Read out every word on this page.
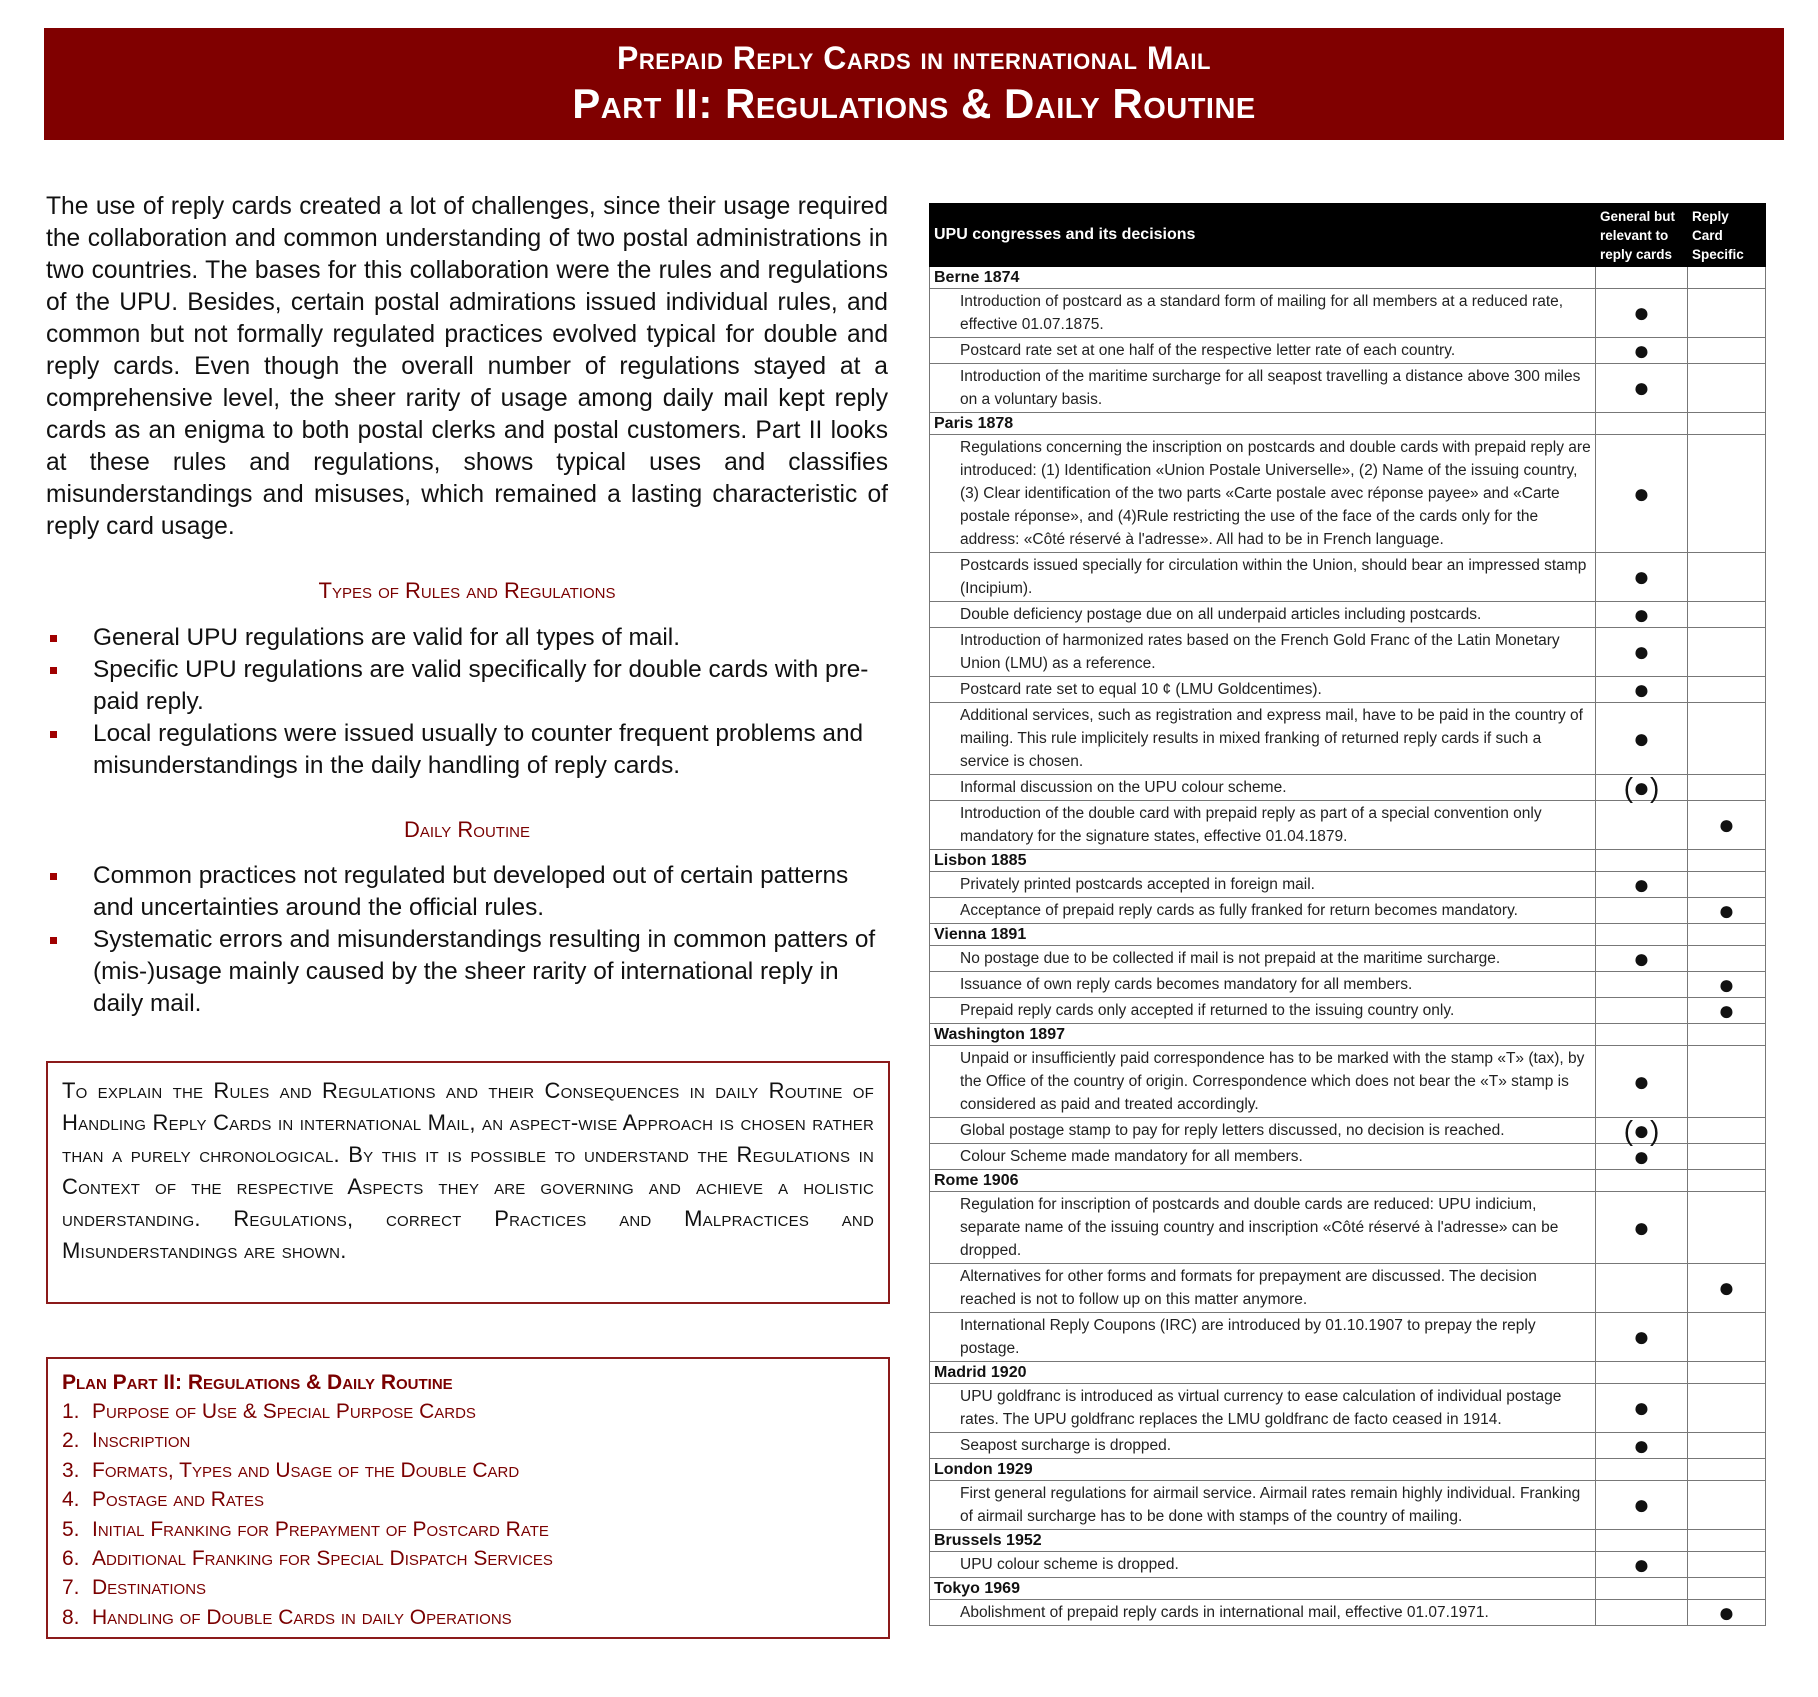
Prepaid Reply Cards in international Mail
Part II: Regulations & Daily Routine
The use of reply cards created a lot of challenges, since their usage required the collaboration and common understanding of two postal administrations in two countries. The bases for this collaboration were the rules and regulations of the UPU. Besides, certain postal admirations issued individual rules, and common but not formally regulated practices evolved typical for double and reply cards. Even though the overall number of regulations stayed at a comprehensive level, the sheer rarity of usage among daily mail kept reply cards as an enigma to both postal clerks and postal customers. Part II looks at these rules and regulations, shows typical uses and classifies misunderstandings and misuses, which remained a lasting characteristic of reply card usage.
Types of Rules and Regulations
General UPU regulations are valid for all types of mail.
Specific UPU regulations are valid specifically for double cards with pre-paid reply.
Local regulations were issued usually to counter frequent problems and misunderstandings in the daily handling of reply cards.
Daily Routine
Common practices not regulated but developed out of certain patterns and uncertainties around the official rules.
Systematic errors and misunderstandings resulting in common patters of (mis-)usage mainly caused by the sheer rarity of international reply in daily mail.

To explain the Rules and Regulations and their Consequences in daily Routine of Handling Reply Cards in international Mail, an aspect-wise Approach is chosen rather than a purely chronological. By this it is possible to understand the Regulations in Context of the respective Aspects they are governing and achieve a holistic understanding. Regulations, correct Practices and Malpractices and Misunderstandings are shown.

Plan Part II: Regulations & Daily Routine
1. Purpose of Use & Special Purpose Cards
2. Inscription
3. Formats, Types and Usage of the Double Card
4. Postage and Rates
5. Initial Franking for Prepayment of Postcard Rate
6. Additional Franking for Special Dispatch Services
7. Destinations
8. Handling of Double Cards in daily Operations
UPU congresses and its decisions	General but relevant to reply cards	Reply Card Specific
Berne 1874		
Introduction of postcard as a standard form of mailing for all members at a reduced rate, effective 01.07.1875.	●	
Postcard rate set at one half of the respective letter rate of each country.	●	
Introduction of the maritime surcharge for all seapost travelling a distance above 300 miles on a voluntary basis.	●	
Paris 1878		
Regulations concerning the inscription on postcards and double cards with prepaid reply are introduced: (1) Identification «Union Postale Universelle», (2) Name of the issuing country, (3) Clear identification of the two parts «Carte postale avec réponse payee» and «Carte postale réponse», and (4)Rule restricting the use of the face of the cards only for the address: «Côté réservé à l'adresse». All had to be in French language.	●	
Postcards issued specially for circulation within the Union, should bear an impressed stamp (Incipium).	●	
Double deficiency postage due on all underpaid articles including postcards.	●	
Introduction of harmonized rates based on the French Gold Franc of the Latin Monetary Union (LMU) as a reference.	●	
Postcard rate set to equal 10 ¢ (LMU Goldcentimes).	●	
Additional services, such as registration and express mail, have to be paid in the country of mailing. This rule implicitely results in mixed franking of returned reply cards if such a service is chosen.	●	
Informal discussion on the UPU colour scheme.	(●)	
Introduction of the double card with prepaid reply as part of a special convention only mandatory for the signature states, effective 01.04.1879.		●
Lisbon 1885		
Privately printed postcards accepted in foreign mail.	●	
Acceptance of prepaid reply cards as fully franked for return becomes mandatory.		●
Vienna 1891		
No postage due to be collected if mail is not prepaid at the maritime surcharge.	●	
Issuance of own reply cards becomes mandatory for all members.		●
Prepaid reply cards only accepted if returned to the issuing country only.		●
Washington 1897		
Unpaid or insufficiently paid correspondence has to be marked with the stamp «T» (tax), by the Office of the country of origin. Correspondence which does not bear the «T» stamp is considered as paid and treated accordingly.	●	
Global postage stamp to pay for reply letters discussed, no decision is reached.	(●)	
Colour Scheme made mandatory for all members.	●	
Rome 1906		
Regulation for inscription of postcards and double cards are reduced: UPU indicium, separate name of the issuing country and inscription «Côté réservé à l'adresse» can be dropped.	●	
Alternatives for other forms and formats for prepayment are discussed. The decision reached is not to follow up on this matter anymore.		●
International Reply Coupons (IRC) are introduced by 01.10.1907 to prepay the reply postage.	●	
Madrid 1920		
UPU goldfranc is introduced as virtual currency to ease calculation of individual postage rates. The UPU goldfranc replaces the LMU goldfranc de facto ceased in 1914.	●	
Seapost surcharge is dropped.	●	
London 1929		
First general regulations for airmail service. Airmail rates remain highly individual. Franking of airmail surcharge has to be done with stamps of the country of mailing.	●	
Brussels 1952		
UPU colour scheme is dropped.	●	
Tokyo 1969		
Abolishment of prepaid reply cards in international mail, effective 01.07.1971.		●
